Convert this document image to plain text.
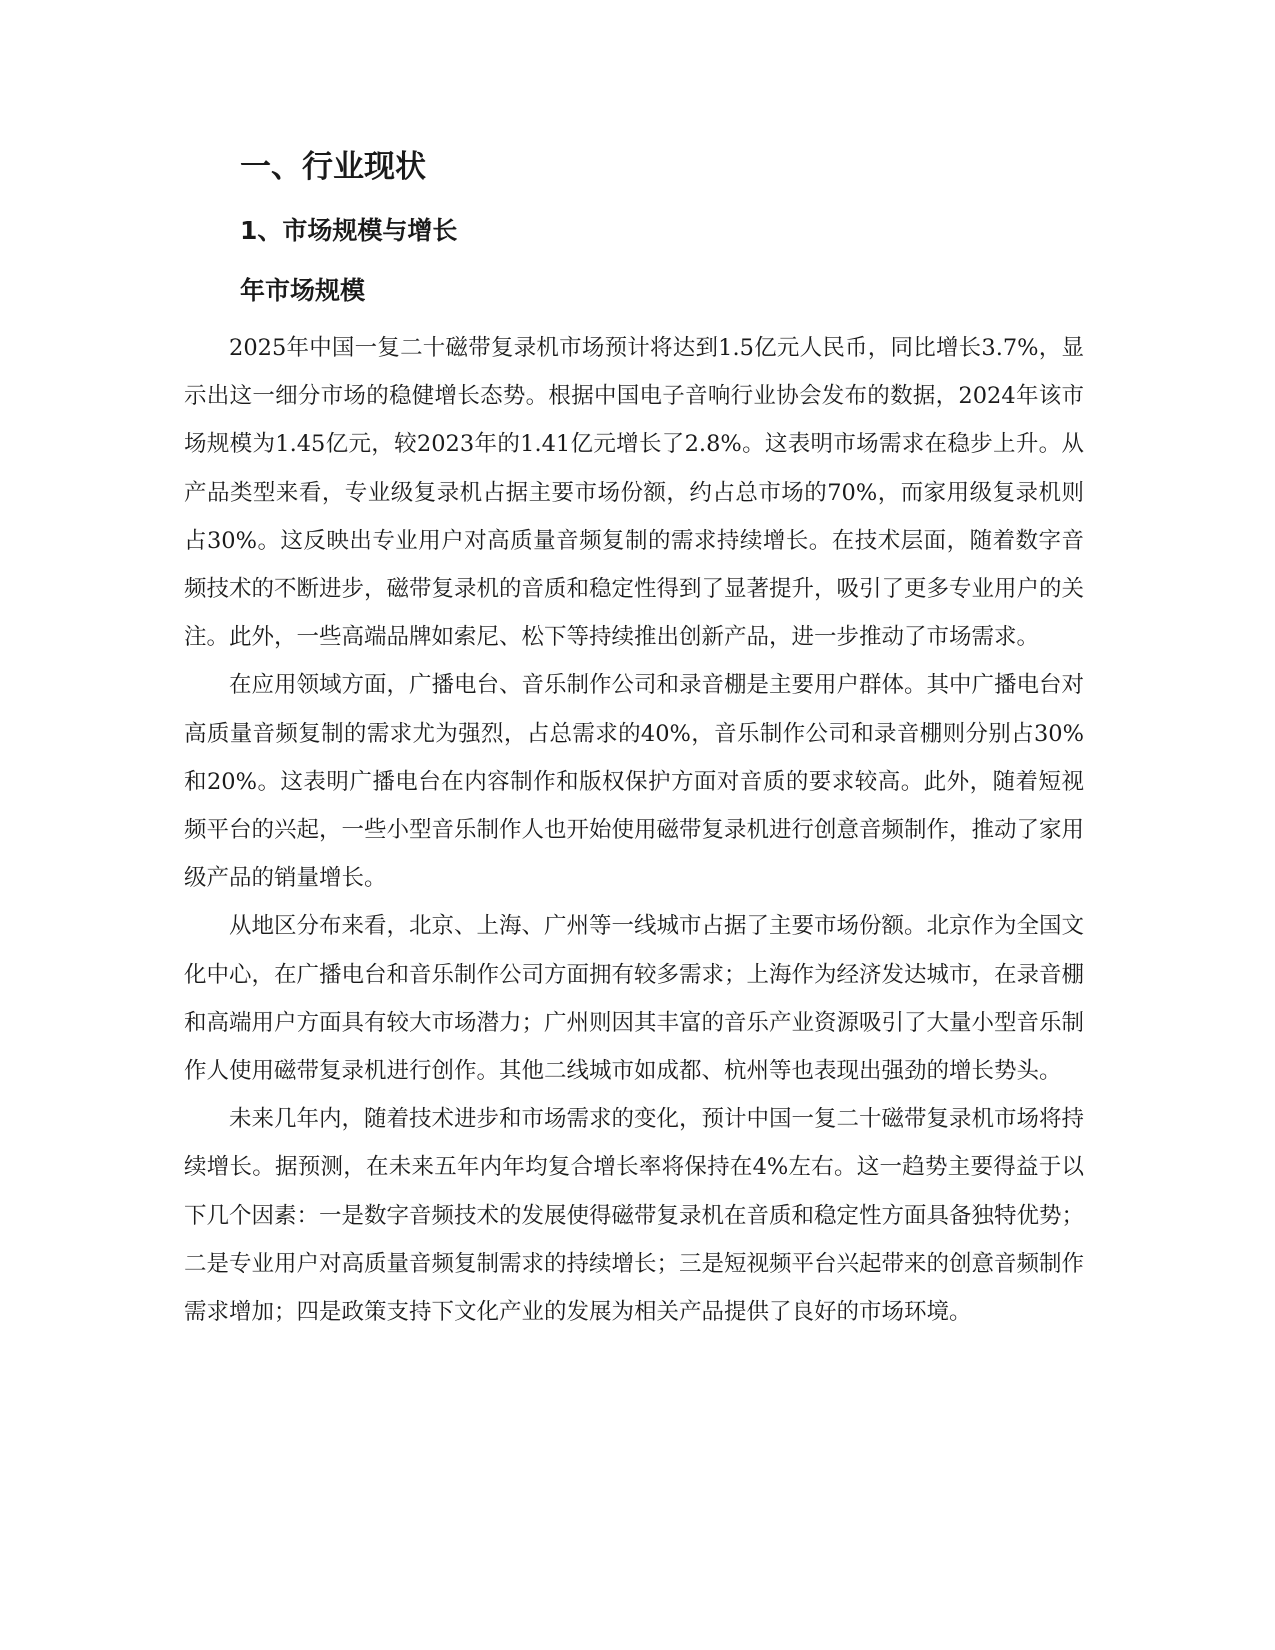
一、行业现状
1、市场规模与增长
年市场规模

2025年中国一复二十磁带复录机市场预计将达到1.5亿元人民币，同比增长3.7%，显示出这一细分市场的稳健增长态势。根据中国电子音响行业协会发布的数据，2024年该市场规模为1.45亿元，较2023年的1.41亿元增长了2.8%。这表明市场需求在稳步上升。从产品类型来看，专业级复录机占据主要市场份额，约占总市场的70%，而家用级复录机则占30%。这反映出专业用户对高质量音频复制的需求持续增长。在技术层面，随着数字音频技术的不断进步，磁带复录机的音质和稳定性得到了显著提升，吸引了更多专业用户的关注。此外，一些高端品牌如索尼、松下等持续推出创新产品，进一步推动了市场需求。

在应用领域方面，广播电台、音乐制作公司和录音棚是主要用户群体。其中广播电台对高质量音频复制的需求尤为强烈，占总需求的40%，音乐制作公司和录音棚则分别占30%和20%。这表明广播电台在内容制作和版权保护方面对音质的要求较高。此外，随着短视频平台的兴起，一些小型音乐制作人也开始使用磁带复录机进行创意音频制作，推动了家用级产品的销量增长。

从地区分布来看，北京、上海、广州等一线城市占据了主要市场份额。北京作为全国文化中心，在广播电台和音乐制作公司方面拥有较多需求；上海作为经济发达城市，在录音棚和高端用户方面具有较大市场潜力；广州则因其丰富的音乐产业资源吸引了大量小型音乐制作人使用磁带复录机进行创作。其他二线城市如成都、杭州等也表现出强劲的增长势头。

未来几年内，随着技术进步和市场需求的变化，预计中国一复二十磁带复录机市场将持续增长。据预测，在未来五年内年均复合增长率将保持在4%左右。这一趋势主要得益于以下几个因素：一是数字音频技术的发展使得磁带复录机在音质和稳定性方面具备独特优势；二是专业用户对高质量音频复制需求的持续增长；三是短视频平台兴起带来的创意音频制作需求增加；四是政策支持下文化产业的发展为相关产品提供了良好的市场环境。
